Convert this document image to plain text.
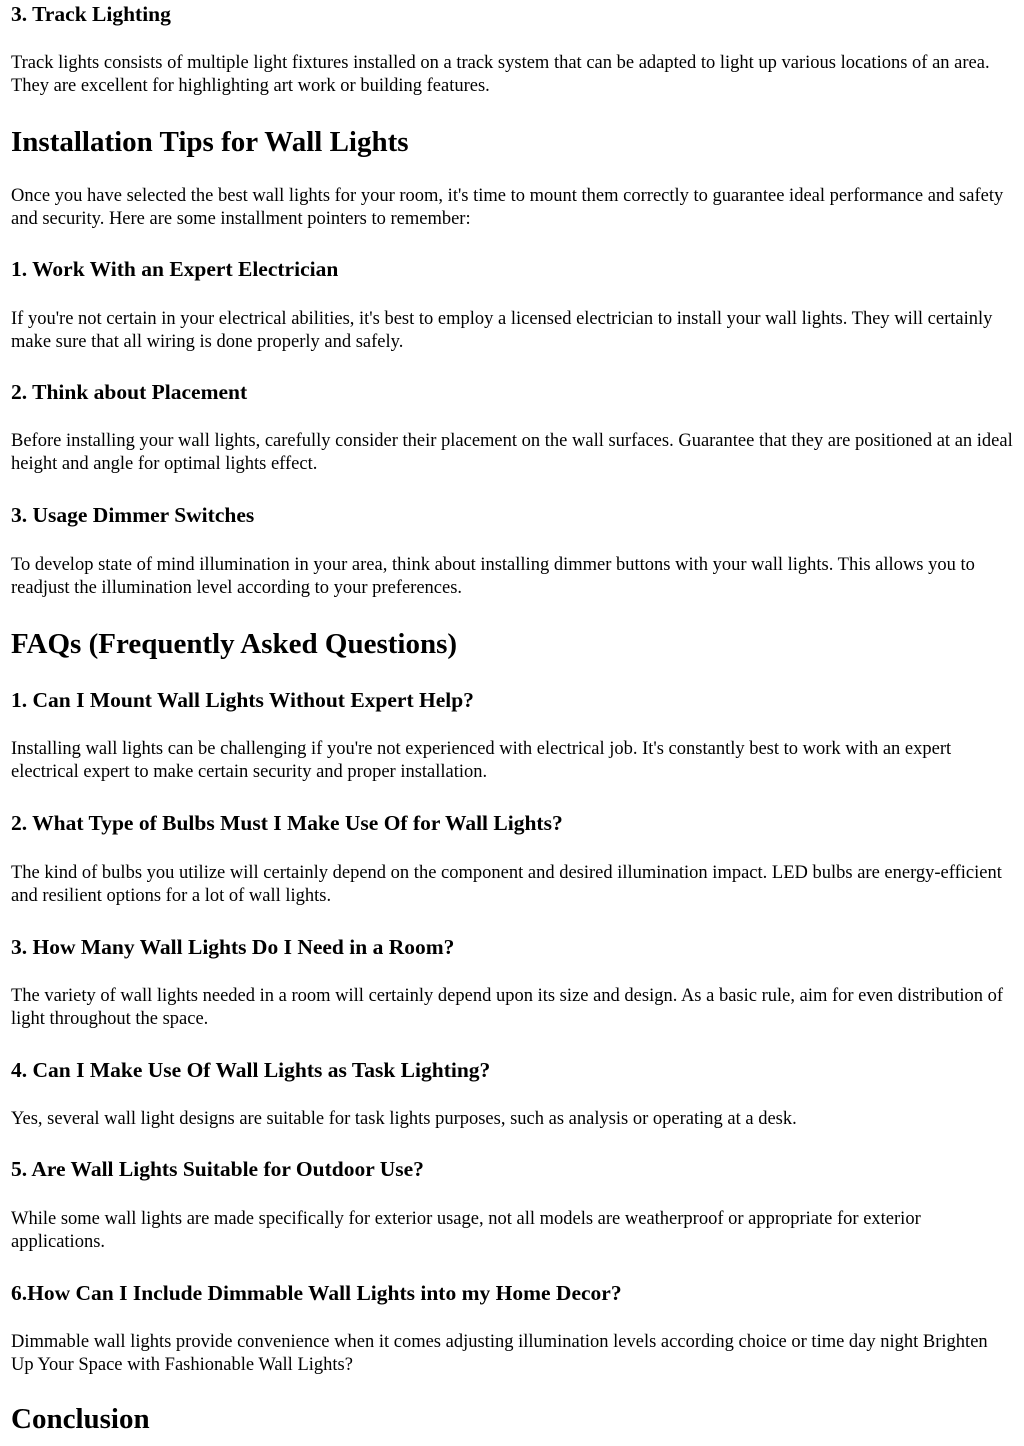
3. Track Lighting

Track lights consists of multiple light fixtures installed on a track system that can be adapted to light up various locations of an area. They are excellent for highlighting art work or building features.

Installation Tips for Wall Lights

Once you have selected the best wall lights for your room, it's time to mount them correctly to guarantee ideal performance and safety and security. Here are some installment pointers to remember:

1. Work With an Expert Electrician

If you're not certain in your electrical abilities, it's best to employ a licensed electrician to install your wall lights. They will certainly make sure that all wiring is done properly and safely.

2. Think about Placement

Before installing your wall lights, carefully consider their placement on the wall surfaces. Guarantee that they are positioned at an ideal height and angle for optimal lights effect.

3. Usage Dimmer Switches

To develop state of mind illumination in your area, think about installing dimmer buttons with your wall lights. This allows you to readjust the illumination level according to your preferences.

FAQs (Frequently Asked Questions)
1. Can I Mount Wall Lights Without Expert Help?

Installing wall lights can be challenging if you're not experienced with electrical job. It's constantly best to work with an expert electrical expert to make certain security and proper installation.

2. What Type of Bulbs Must I Make Use Of for Wall Lights?

The kind of bulbs you utilize will certainly depend on the component and desired illumination impact. LED bulbs are energy-efficient and resilient options for a lot of wall lights.

3. How Many Wall Lights Do I Need in a Room?

The variety of wall lights needed in a room will certainly depend upon its size and design. As a basic rule, aim for even distribution of light throughout the space.

4. Can I Make Use Of Wall Lights as Task Lighting?

Yes, several wall light designs are suitable for task lights purposes, such as analysis or operating at a desk.

5. Are Wall Lights Suitable for Outdoor Use?

While some wall lights are made specifically for exterior usage, not all models are weatherproof or appropriate for exterior applications.

6.How Can I Include Dimmable Wall Lights into my Home Decor?

Dimmable wall lights provide convenience when it comes adjusting illumination levels according choice or time day night Brighten Up Your Space with Fashionable Wall Lights?

Conclusion
